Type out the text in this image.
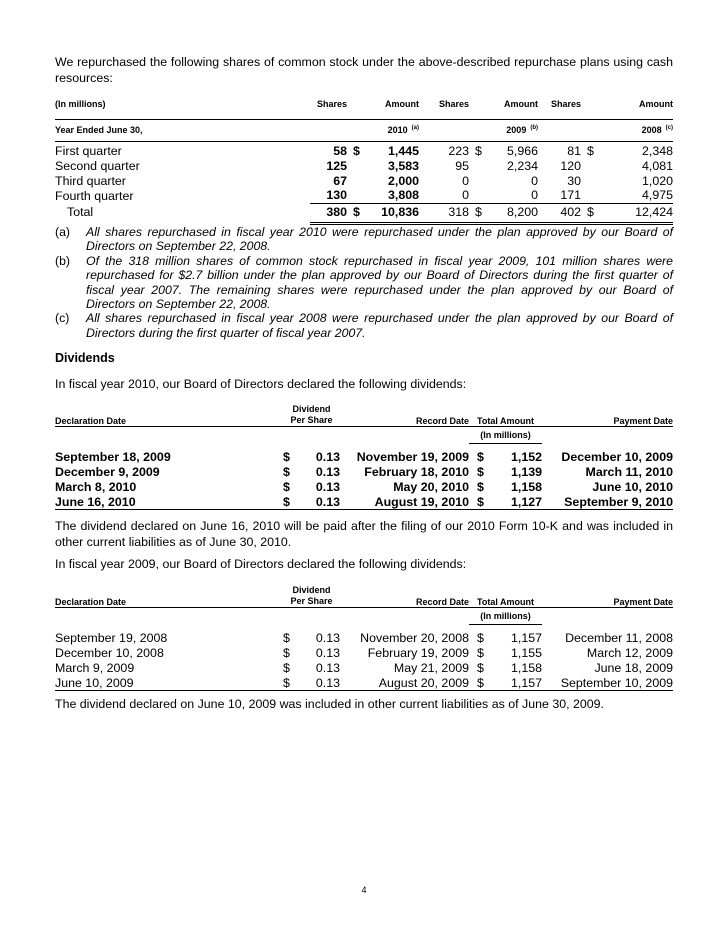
We repurchased the following shares of common stock under the above-described repurchase plans using cash resources:

(In millions)	Shares		Amount	Shares		Amount	Shares		Amount

Year Ended June 30,			2010 $^{(a)}$			2009 $^{(b)}$			2008 $^{(c)}$

First quarter	58	$	1,445	223	$	5,966	81	$	2,348
Second quarter	125		3,583	95		2,234	120		4,081
Third quarter	67		2,000	0		0	30		1,020
Fourth quarter	130		3,808	0		0	171		4,975
Total	380	$	10,836	318	$	8,200	402	$	12,424

(a)	All shares repurchased in fiscal year 2010 were repurchased under the plan approved by our Board of Directors on September 22, 2008.
(b)	Of the 318 million shares of common stock repurchased in fiscal year 2009, 101 million shares were repurchased for $2.7 billion under the plan approved by our Board of Directors during the first quarter of fiscal year 2007. The remaining shares were repurchased under the plan approved by our Board of Directors on September 22, 2008.
(c)	All shares repurchased in fiscal year 2008 were repurchased under the plan approved by our Board of Directors during the first quarter of fiscal year 2007.
Dividends

In fiscal year 2010, our Board of Directors declared the following dividends:

Declaration Date	Dividend
Per Share		Record Date	Total Amount		Payment Date
				(In millions)		

September 18, 2009	$	0.13	November 19, 2009	$	1,152	December 10, 2009
December 9, 2009	$	0.13	February 18, 2010	$	1,139	March 11, 2010
March 8, 2010	$	0.13	May 20, 2010	$	1,158	June 10, 2010
June 16, 2010	$	0.13	August 19, 2010	$	1,127	September 9, 2010

The dividend declared on June 16, 2010 will be paid after the filing of our 2010 Form 10-K and was included in other current liabilities as of June 30, 2010.

In fiscal year 2009, our Board of Directors declared the following dividends:

Declaration Date	Dividend
Per Share		Record Date	Total Amount		Payment Date
				(In millions)		

September 19, 2008	$	0.13	November 20, 2008	$	1,157	December 11, 2008
December 10, 2008	$	0.13	February 19, 2009	$	1,155	March 12, 2009
March 9, 2009	$	0.13	May 21, 2009	$	1,158	June 18, 2009
June 10, 2009	$	0.13	August 20, 2009	$	1,157	September 10, 2009

The dividend declared on June 10, 2009 was included in other current liabilities as of June 30, 2009.

4
